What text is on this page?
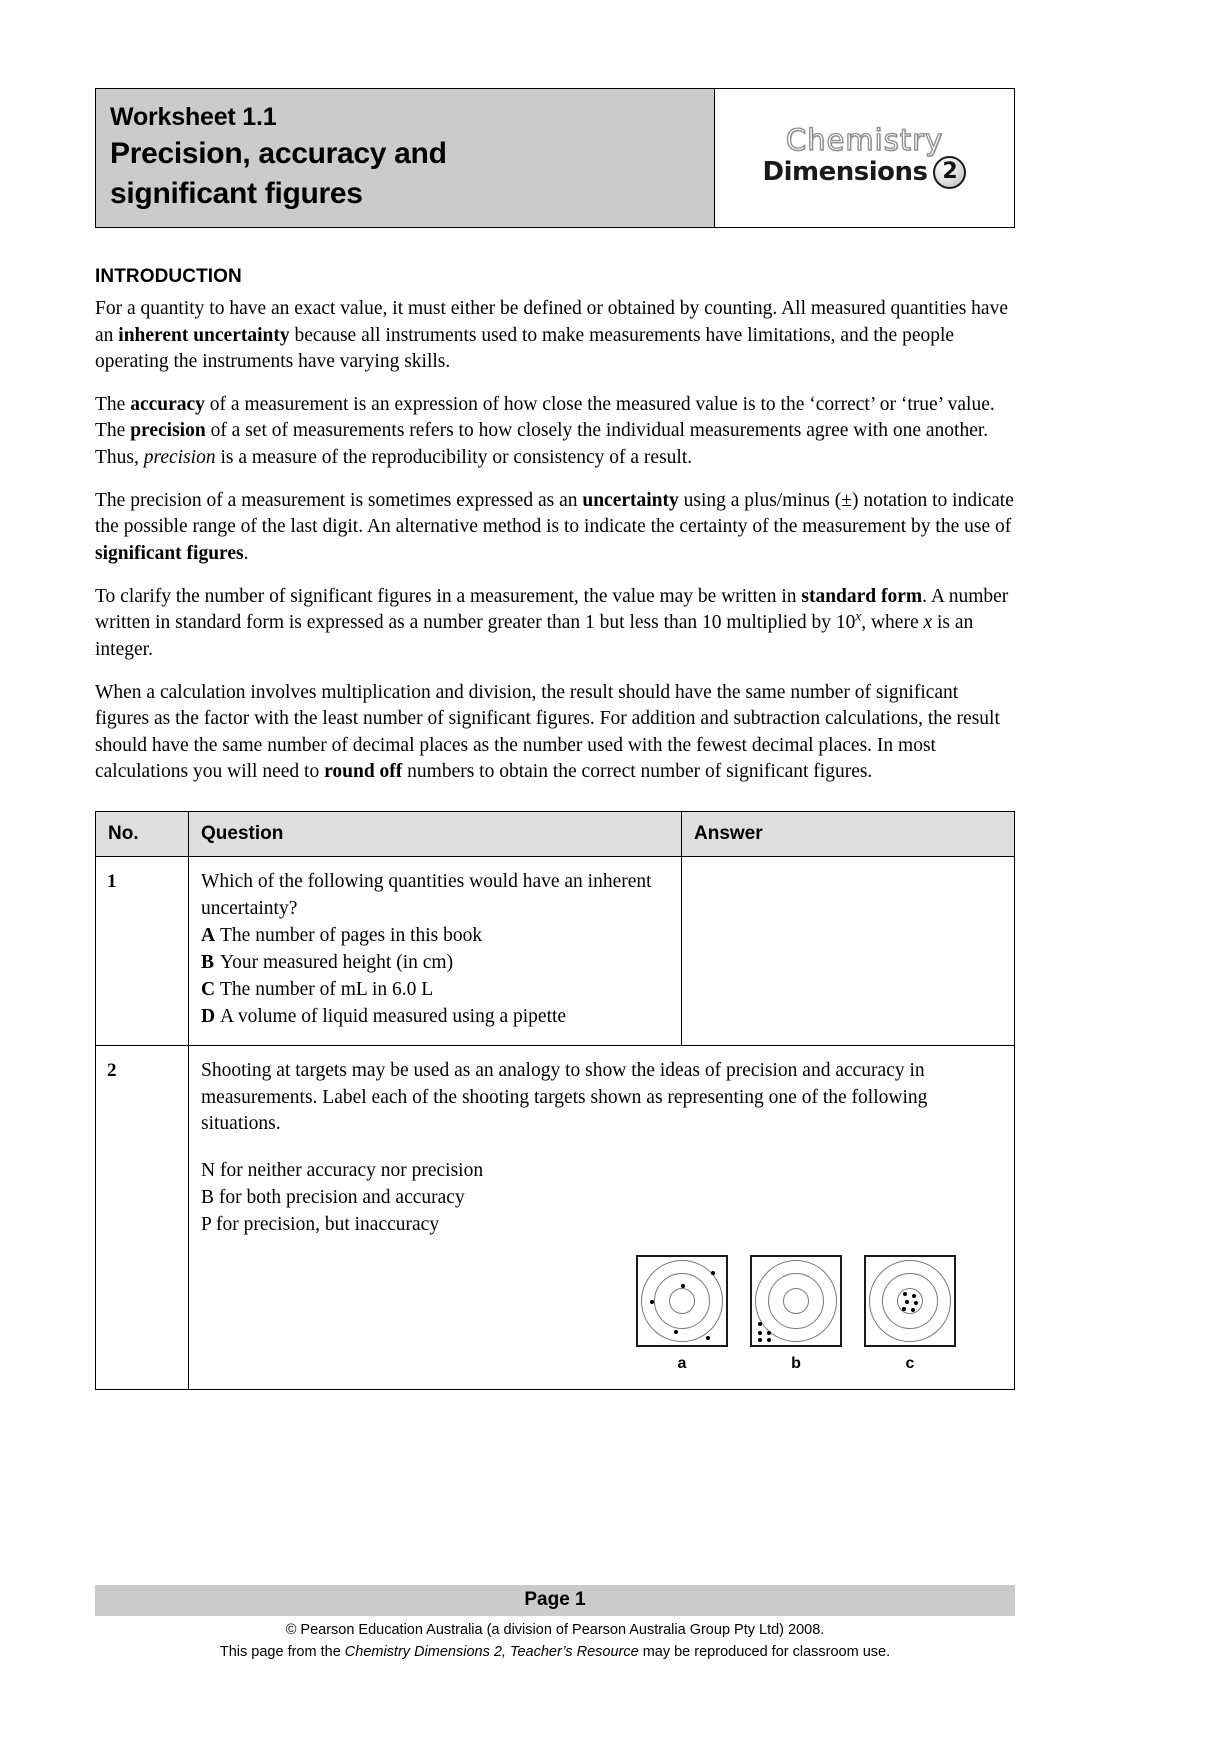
Worksheet 1.1
Precision, accuracy and
significant figures

Chemistry
Dimensions 2
INTRODUCTION

For a quantity to have an exact value, it must either be defined or obtained by counting. All measured quantities have an inherent uncertainty because all instruments used to make measurements have limitations, and the people operating the instruments have varying skills.

The accuracy of a measurement is an expression of how close the measured value is to the ‘correct’ or ‘true’ value. The precision of a set of measurements refers to how closely the individual measurements agree with one another. Thus, precision is a measure of the reproducibility or consistency of a result.

The precision of a measurement is sometimes expressed as an uncertainty using a plus/minus (±) notation to indicate the possible range of the last digit. An alternative method is to indicate the certainty of the measurement by the use of significant figures.

To clarify the number of significant figures in a measurement, the value may be written in standard form. A number written in standard form is expressed as a number greater than 1 but less than 10 multiplied by 10$^x$, where x is an integer.

When a calculation involves multiplication and division, the result should have the same number of significant figures as the factor with the least number of significant figures. For addition and subtraction calculations, the result should have the same number of decimal places as the number used with the fewest decimal places. In most calculations you will need to round off numbers to obtain the correct number of significant figures.

No.	Question	Answer
1	Which of the following quantities would have an inherent uncertainty?
A The number of pages in this book
B Your measured height (in cm)
C The number of mL in 6.0 L
D A volume of liquid measured using a pipette	

2	Shooting at targets may be used as an analogy to show the ideas of precision and accuracy in measurements. Label each of the shooting targets shown as representing one of the following situations.
N for neither accuracy nor precision
B for both precision and accuracy
P for precision, but inaccuracy
a	b	c
Page 1
© Pearson Education Australia (a division of Pearson Australia Group Pty Ltd) 2008.
This page from the Chemistry Dimensions 2, Teacher’s Resource may be reproduced for classroom use.
